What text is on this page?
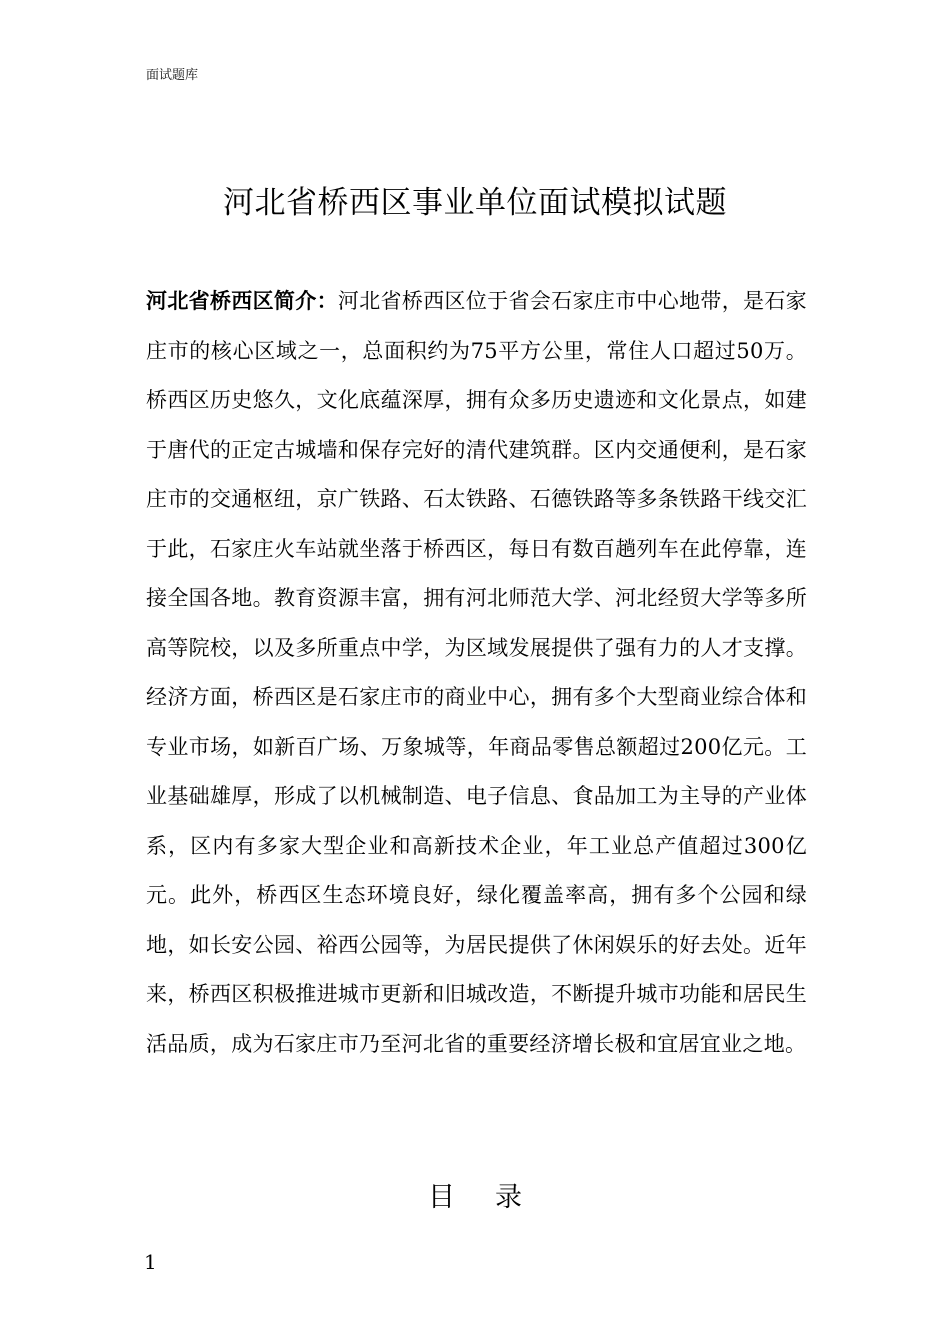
面试题库
河北省桥西区事业单位面试模拟试题

河北省桥西区简介：河北省桥西区位于省会石家庄市中心地带，是石家庄市的核心区域之一，总面积约为75平方公里，常住人口超过50万。桥西区历史悠久，文化底蕴深厚，拥有众多历史遗迹和文化景点，如建于唐代的正定古城墙和保存完好的清代建筑群。区内交通便利，是石家庄市的交通枢纽，京广铁路、石太铁路、石德铁路等多条铁路干线交汇于此，石家庄火车站就坐落于桥西区，每日有数百趟列车在此停靠，连接全国各地。教育资源丰富，拥有河北师范大学、河北经贸大学等多所高等院校，以及多所重点中学，为区域发展提供了强有力的人才支撑。经济方面，桥西区是石家庄市的商业中心，拥有多个大型商业综合体和专业市场，如新百广场、万象城等，年商品零售总额超过200亿元。工业基础雄厚，形成了以机械制造、电子信息、食品加工为主导的产业体系，区内有多家大型企业和高新技术企业，年工业总产值超过300亿元。此外，桥西区生态环境良好，绿化覆盖率高，拥有多个公园和绿地，如长安公园、裕西公园等，为居民提供了休闲娱乐的好去处。近年来，桥西区积极推进城市更新和旧城改造，不断提升城市功能和居民生活品质，成为石家庄市乃至河北省的重要经济增长极和宜居宜业之地。

目 录
1
